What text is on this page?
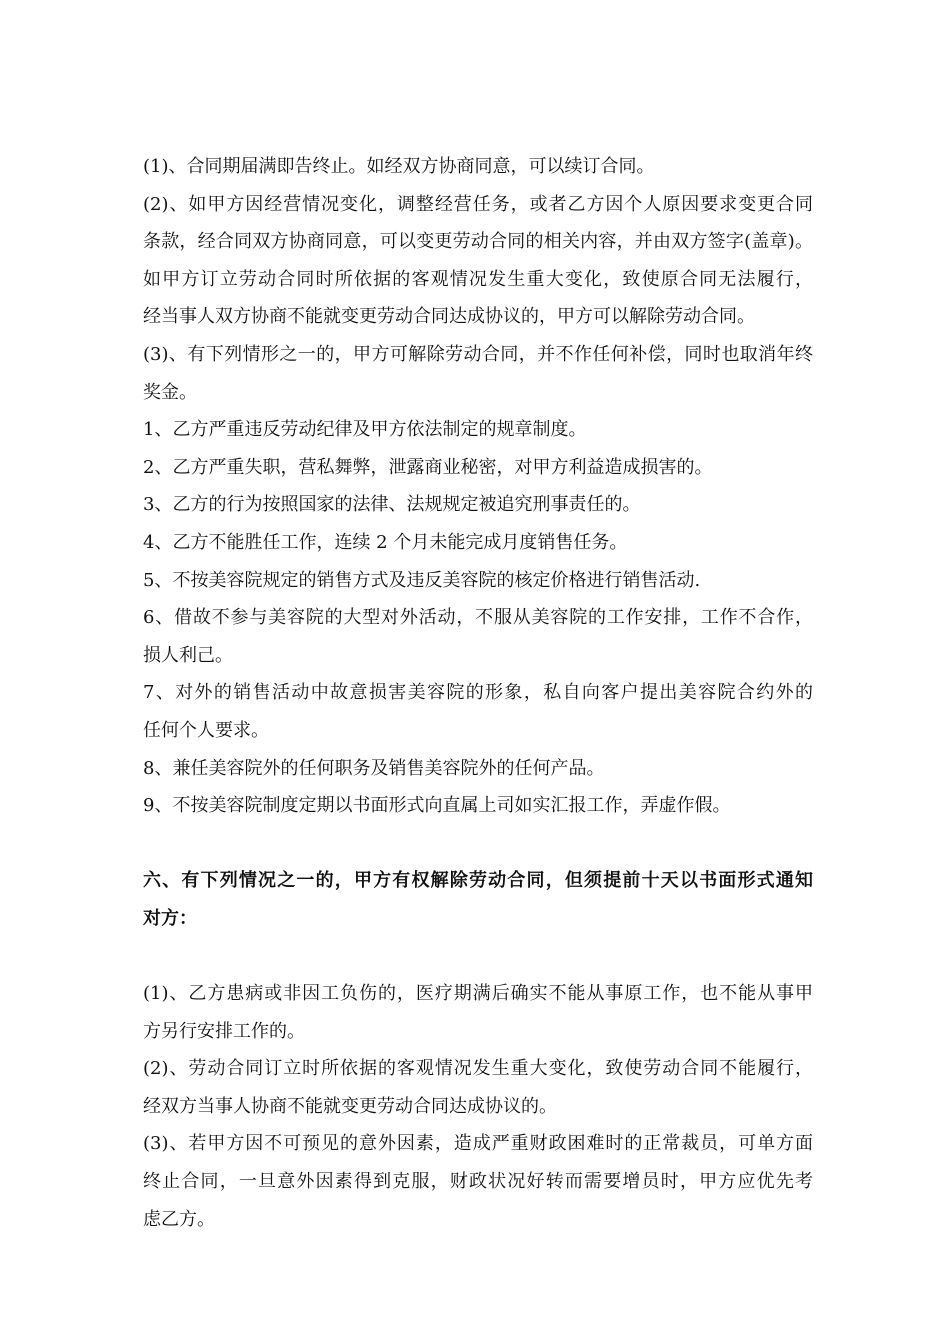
(1)、合同期届满即告终止。如经双方协商同意，可以续订合同。
(2)、如甲方因经营情况变化，调整经营任务，或者乙方因个人原因要求变更合同
条款，经合同双方协商同意，可以变更劳动合同的相关内容，并由双方签字(盖章)。
如甲方订立劳动合同时所依据的客观情况发生重大变化，致使原合同无法履行，
经当事人双方协商不能就变更劳动合同达成协议的，甲方可以解除劳动合同。
(3)、有下列情形之一的，甲方可解除劳动合同，并不作任何补偿，同时也取消年终
奖金。
1、乙方严重违反劳动纪律及甲方依法制定的规章制度。
2、乙方严重失职，营私舞弊，泄露商业秘密，对甲方利益造成损害的。
3、乙方的行为按照国家的法律、法规规定被追究刑事责任的。
4、乙方不能胜任工作，连续 2 个月未能完成月度销售任务。
5、不按美容院规定的销售方式及违反美容院的核定价格进行销售活动.
6、借故不参与美容院的大型对外活动，不服从美容院的工作安排，工作不合作，
损人利己。
7、对外的销售活动中故意损害美容院的形象，私自向客户提出美容院合约外的
任何个人要求。
8、兼任美容院外的任何职务及销售美容院外的任何产品。
9、不按美容院制度定期以书面形式向直属上司如实汇报工作，弄虚作假。
六、有下列情况之一的，甲方有权解除劳动合同，但须提前十天以书面形式通知
对方：
(1)、乙方患病或非因工负伤的，医疗期满后确实不能从事原工作，也不能从事甲
方另行安排工作的。
(2)、劳动合同订立时所依据的客观情况发生重大变化，致使劳动合同不能履行，
经双方当事人协商不能就变更劳动合同达成协议的。
(3)、若甲方因不可预见的意外因素，造成严重财政困难时的正常裁员，可单方面
终止合同，一旦意外因素得到克服，财政状况好转而需要增员时，甲方应优先考
虑乙方。
